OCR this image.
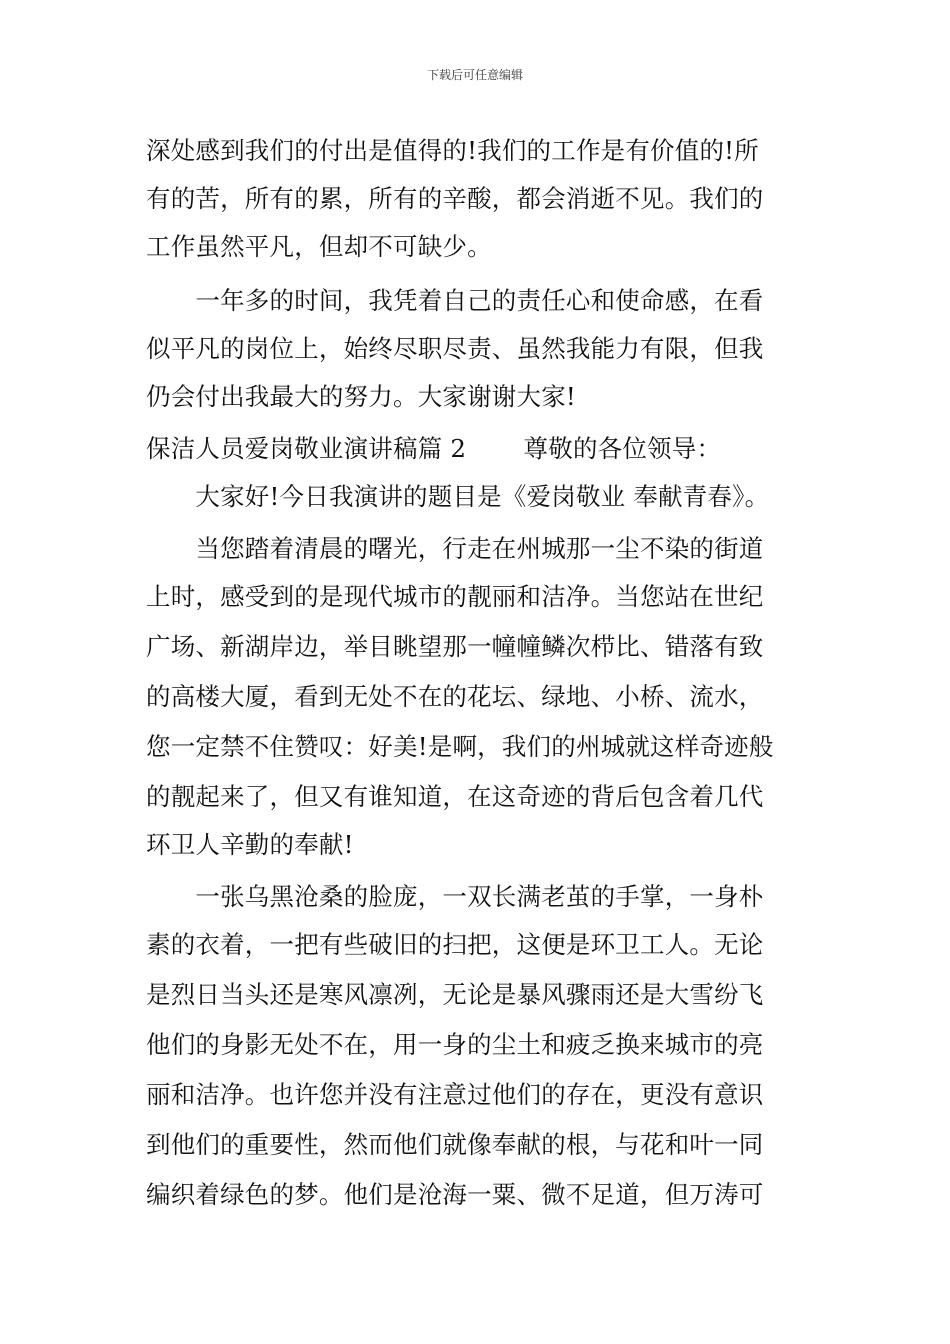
下载后可任意编辑
深处感到我们的付出是值得的!我们的工作是有价值的!所
有的苦，所有的累，所有的辛酸，都会消逝不见。我们的
工作虽然平凡，但却不可缺少。
　　一年多的时间，我凭着自己的责任心和使命感，在看
似平凡的岗位上，始终尽职尽责、虽然我能力有限，但我
仍会付出我最大的努力。大家谢谢大家!
保洁人员爱岗敬业演讲稿篇 2　　 尊敬的各位领导：
　　大家好!今日我演讲的题目是《爱岗敬业 奉献青春》。
　　当您踏着清晨的曙光，行走在州城那一尘不染的街道
上时，感受到的是现代城市的靓丽和洁净。当您站在世纪
广场、新湖岸边，举目眺望那一幢幢鳞次栉比、错落有致
的高楼大厦，看到无处不在的花坛、绿地、小桥、流水，
您一定禁不住赞叹：好美!是啊，我们的州城就这样奇迹般
的靓起来了，但又有谁知道，在这奇迹的背后包含着几代
环卫人辛勤的奉献!
　　一张乌黑沧桑的脸庞，一双长满老茧的手掌，一身朴
素的衣着，一把有些破旧的扫把，这便是环卫工人。无论
是烈日当头还是寒风凛冽，无论是暴风骤雨还是大雪纷飞
他们的身影无处不在，用一身的尘土和疲乏换来城市的亮
丽和洁净。也许您并没有注意过他们的存在，更没有意识
到他们的重要性，然而他们就像奉献的根，与花和叶一同
编织着绿色的梦。他们是沧海一粟、微不足道，但万涛可
